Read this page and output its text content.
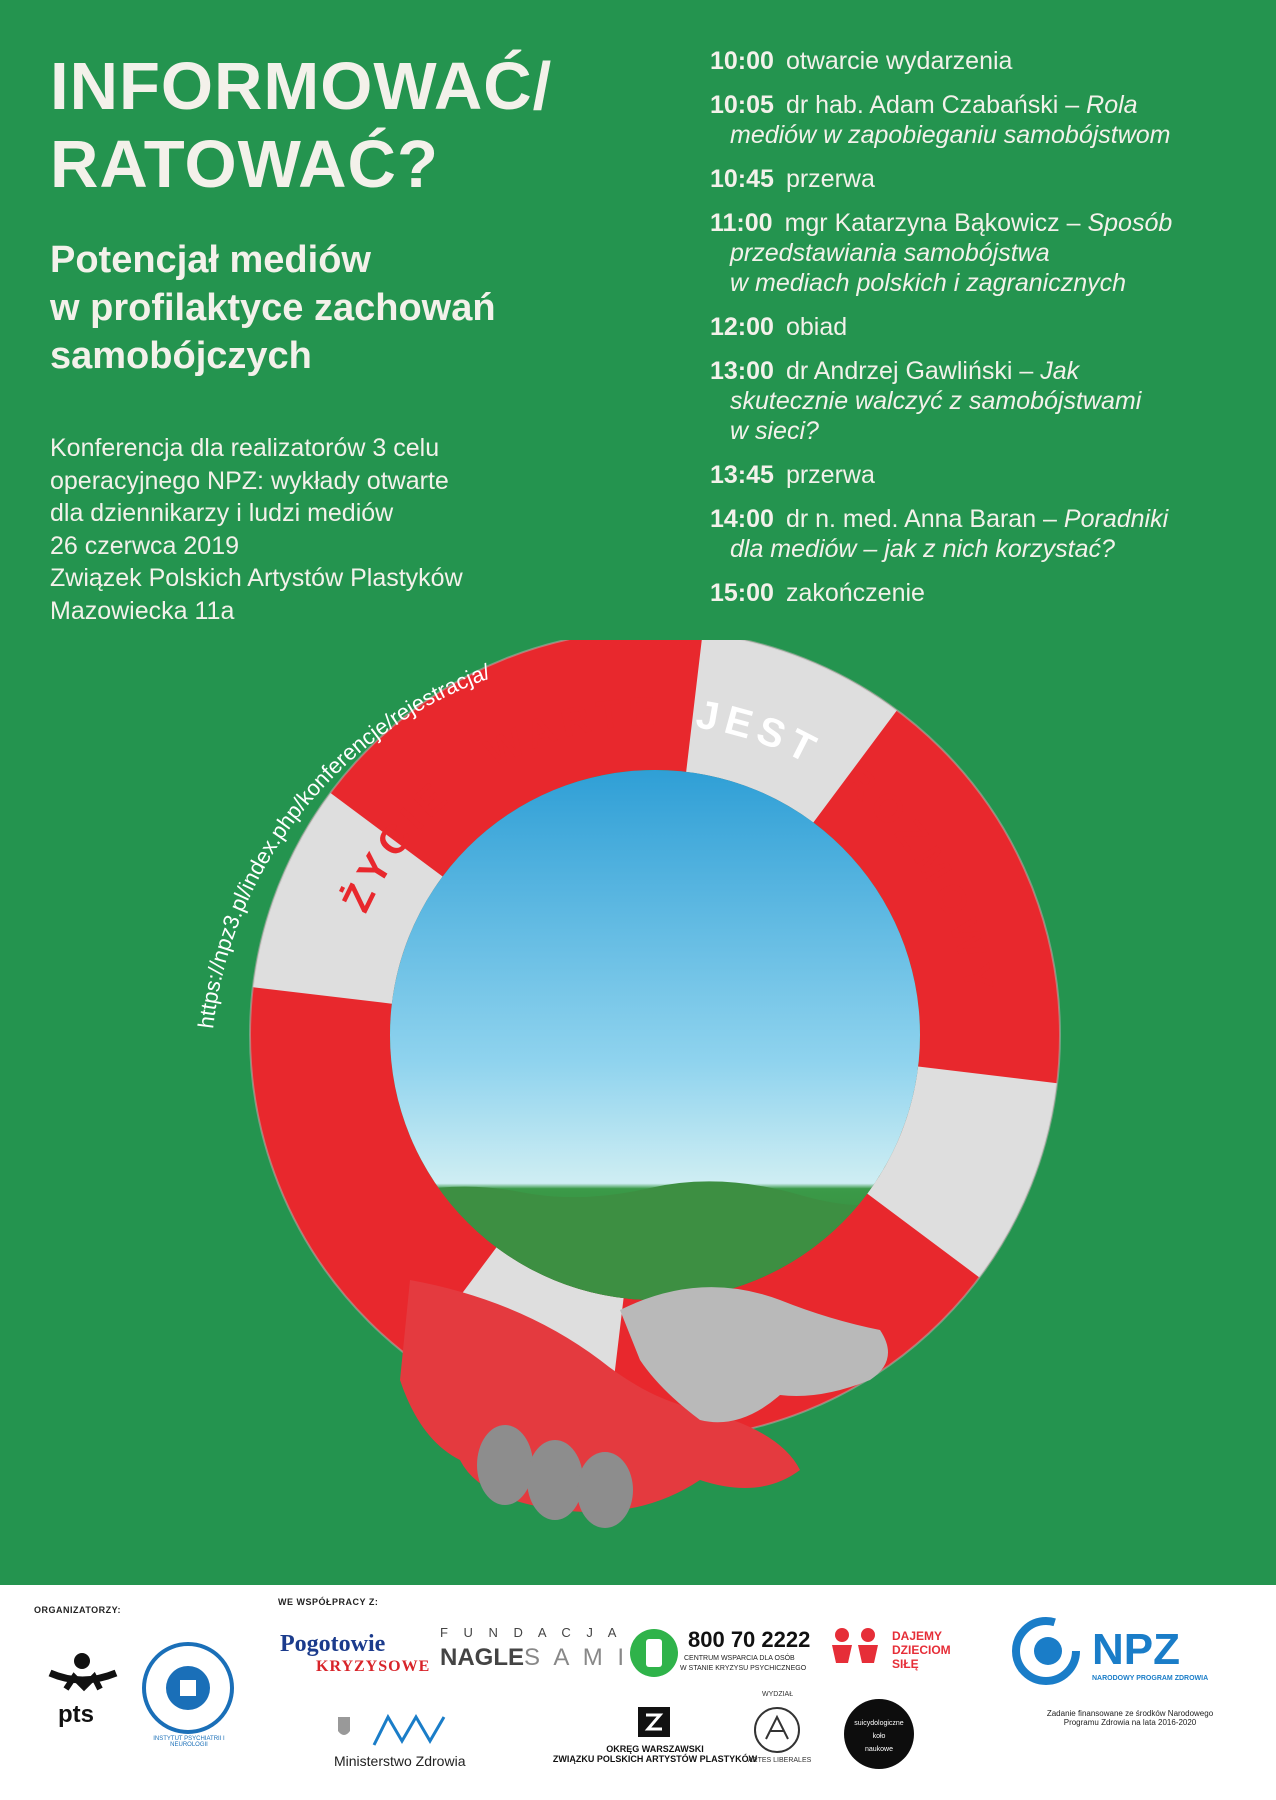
INFORMOWAĆ/
RATOWAĆ?
Potencjał mediów
w profilaktyce zachowań
samobójczych
Konferencja dla realizatorów 3 celu
operacyjnego NPZ: wykłady otwarte
dla dziennikarzy i ludzi mediów
26 czerwca 2019
Związek Polskich Artystów Plastyków
Mazowiecka 11a
10:00 otwarcie wydarzenia
10:05 dr hab. Adam Czabański – Rola
mediów w zapobieganiu samobójstwom
10:45 przerwa
11:00 mgr Katarzyna Bąkowicz – Sposób
przedstawiania samobójstwa
w mediach polskich i zagranicznych
12:00 obiad
13:00 dr Andrzej Gawliński – Jak
skutecznie walczyć z samobójstwami
w sieci?
13:45 przerwa
14:00 dr n. med. Anna Baran – Poradniki
dla mediów – jak z nich korzystać?
15:00 zakończenie
https://npz3.pl/index.php/konferencje/rejestracja/
ŻYCIE
WARTE JEST
ROZMOWY
ORGANIZATORZY:
WE WSPÓŁPRACY Z:
pts
INSTYTUT PSYCHIATRII I NEUROLOGII
Pogotowie
KRYZYSOWE
F U N D A C J A
NAGLES A M I
800 70 2222
CENTRUM WSPARCIA DLA OSÓB
W STANIE KRYZYSU PSYCHICZNEGO
DAJEMY
DZIECIOM
SIŁĘ	NPZ
NARODOWY PROGRAM ZDROWIA
Zadanie finansowane ze środków Narodowego
Programu Zdrowia na lata 2016-2020
Ministerstwo Zdrowia
OKRĘG WARSZAWSKI
ZWIĄZKU POLSKICH ARTYSTÓW PLASTYKÓW
WYDZIAŁ
ARTES LIBERALES
suicydologiczne
koło
naukowe
